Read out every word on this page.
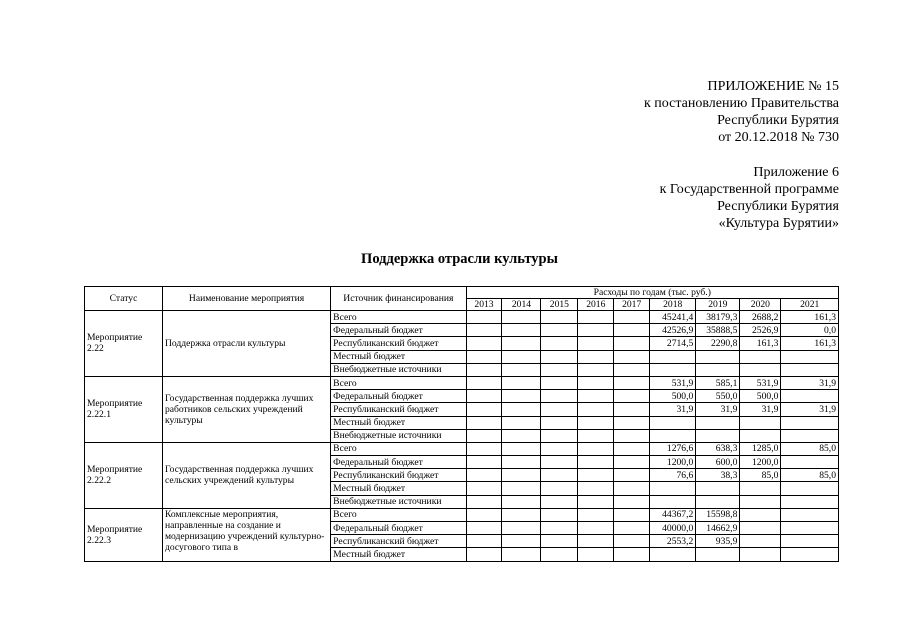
ПРИЛОЖЕНИЕ № 15
к постановлению Правительства
Республики Бурятия
от 20.12.2018 № 730
Приложение 6
к Государственной программе
Республики Бурятия
«Культура Бурятии»
Поддержка отрасли культуры
Статус	Наименование мероприятия	Источник финансирования	Расходы по годам (тыс. руб.)								
			2013	2014	2015	2016	2017	2018	2019	2020	2021
Мероприятие 2.22	Поддержка отрасли культуры	Всего						45241,4	38179,3	2688,2	161,3
		Федеральный бюджет						42526,9	35888,5	2526,9	0,0
		Республиканский бюджет						2714,5	2290,8	161,3	161,3
		Местный бюджет									
		Внебюджетные источники									
Мероприятие 2.22.1	Государственная поддержка лучших работников сельских учреждений культуры	Всего						531,9	585,1	531,9	31,9
		Федеральный бюджет						500,0	550,0	500,0	
		Республиканский бюджет						31,9	31,9	31,9	31,9
		Местный бюджет									
		Внебюджетные источники									
Мероприятие 2.22.2	Государственная поддержка лучших сельских учреждений культуры	Всего						1276,6	638,3	1285,0	85,0
		Федеральный бюджет						1200,0	600,0	1200,0	
		Республиканский бюджет						76,6	38,3	85,0	85,0
		Местный бюджет									
		Внебюджетные источники									
Мероприятие 2.22.3	Комплексные мероприятия, направленные на создание и модернизацию учреждений культурно-досугового типа в	Всего						44367,2	15598,8		
		Федеральный бюджет						40000,0	14662,9		
		Республиканский бюджет						2553,2	935,9		
		Местный бюджет									
